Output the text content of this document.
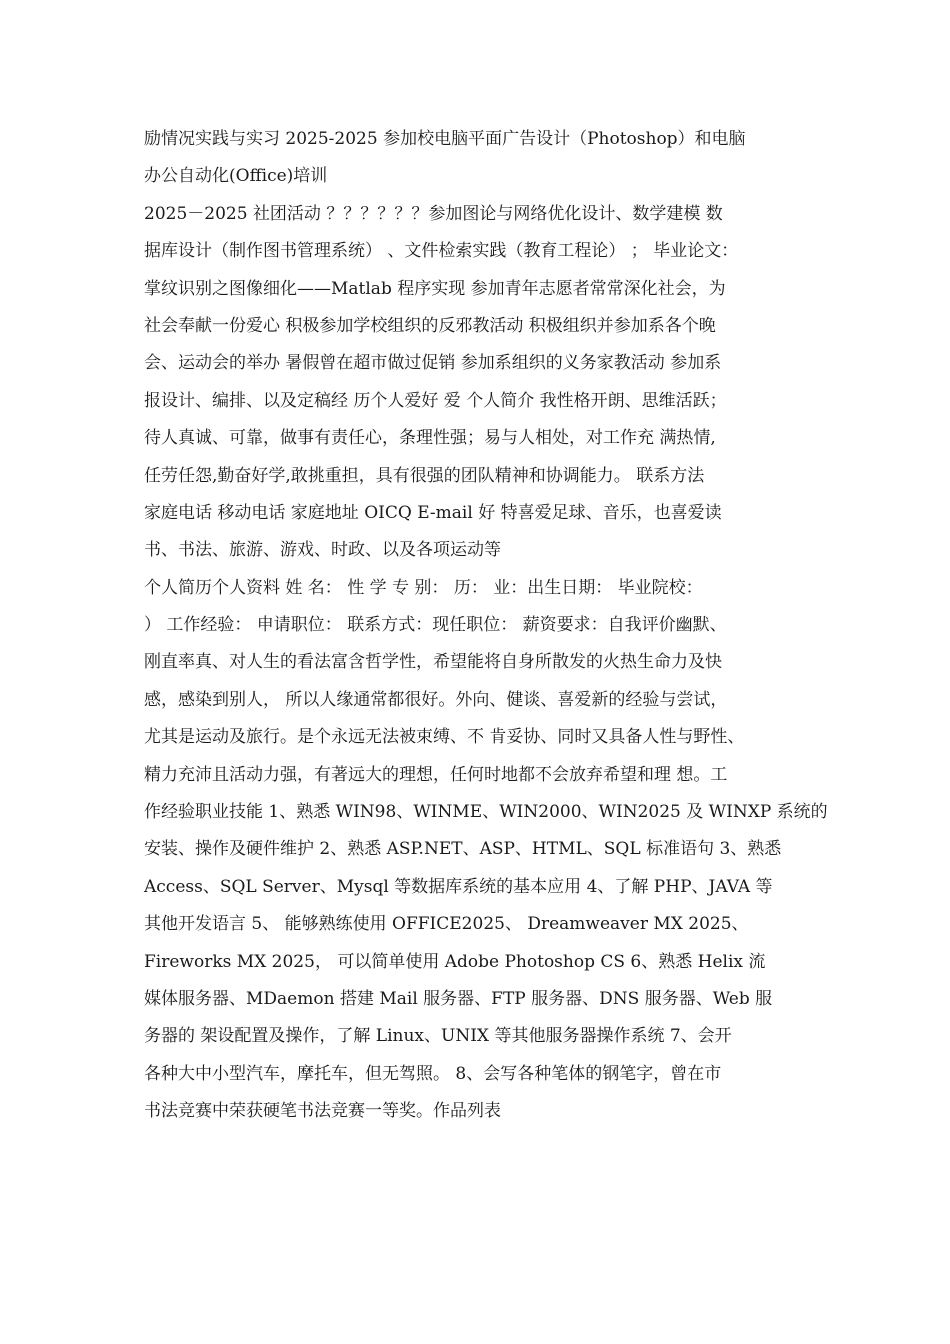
励情况实践与实习 2025-2025 参加校电脑平面广告设计（Photoshop）和电脑
办公自动化(Office)培训
2025－2025 社团活动 ？？？？？？参加图论与网络优化设计、数学建模 数
据库设计（制作图书管理系统） 、文件检索实践（教育工程论） ； 毕业论文：
掌纹识别之图像细化——Matlab 程序实现 参加青年志愿者常常深化社会，为
社会奉献一份爱心 积极参加学校组织的反邪教活动 积极组织并参加系各个晚
会、运动会的举办 暑假曾在超市做过促销 参加系组织的义务家教活动 参加系
报设计、编排、以及定稿经 历个人爱好 爱 个人简介 我性格开朗、思维活跃；
待人真诚、可靠，做事有责任心，条理性强；易与人相处，对工作充 满热情,
任劳任怨,勤奋好学,敢挑重担，具有很强的团队精神和协调能力。 联系方法
家庭电话 移动电话 家庭地址 OICQ E-mail 好 特喜爱足球、音乐，也喜爱读
书、书法、旅游、游戏、时政、以及各项运动等
个人简历个人资料 姓 名： 性 学 专 别： 历： 业：出生日期： 毕业院校：
） 工作经验： 申请职位： 联系方式：现任职位： 薪资要求：自我评价幽默、
刚直率真、对人生的看法富含哲学性，希望能将自身所散发的火热生命力及快
感，感染到别人， 所以人缘通常都很好。外向、健谈、喜爱新的经验与尝试，
尤其是运动及旅行。是个永远无法被束缚、不 肯妥协、同时又具备人性与野性、
精力充沛且活动力强，有著远大的理想，任何时地都不会放弃希望和理 想。工
作经验职业技能 1、熟悉 WIN98、WINME、WIN2000、WIN2025 及 WINXP 系统的
安装、操作及硬件维护 2、熟悉 ASP.NET、ASP、HTML、SQL 标准语句 3、熟悉
Access、SQL Server、Mysql 等数据库系统的基本应用 4、了解 PHP、JAVA 等
其他开发语言 5、 能够熟练使用 OFFICE2025、 Dreamweaver MX 2025、
Fireworks MX 2025， 可以简单使用 Adobe Photoshop CS 6、熟悉 Helix 流
媒体服务器、MDaemon 搭建 Mail 服务器、FTP 服务器、DNS 服务器、Web 服
务器的 架设配置及操作，了解 Linux、UNIX 等其他服务器操作系统 7、会开
各种大中小型汽车，摩托车，但无驾照。 8、会写各种笔体的钢笔字，曾在市
书法竞赛中荣获硬笔书法竞赛一等奖。作品列表
